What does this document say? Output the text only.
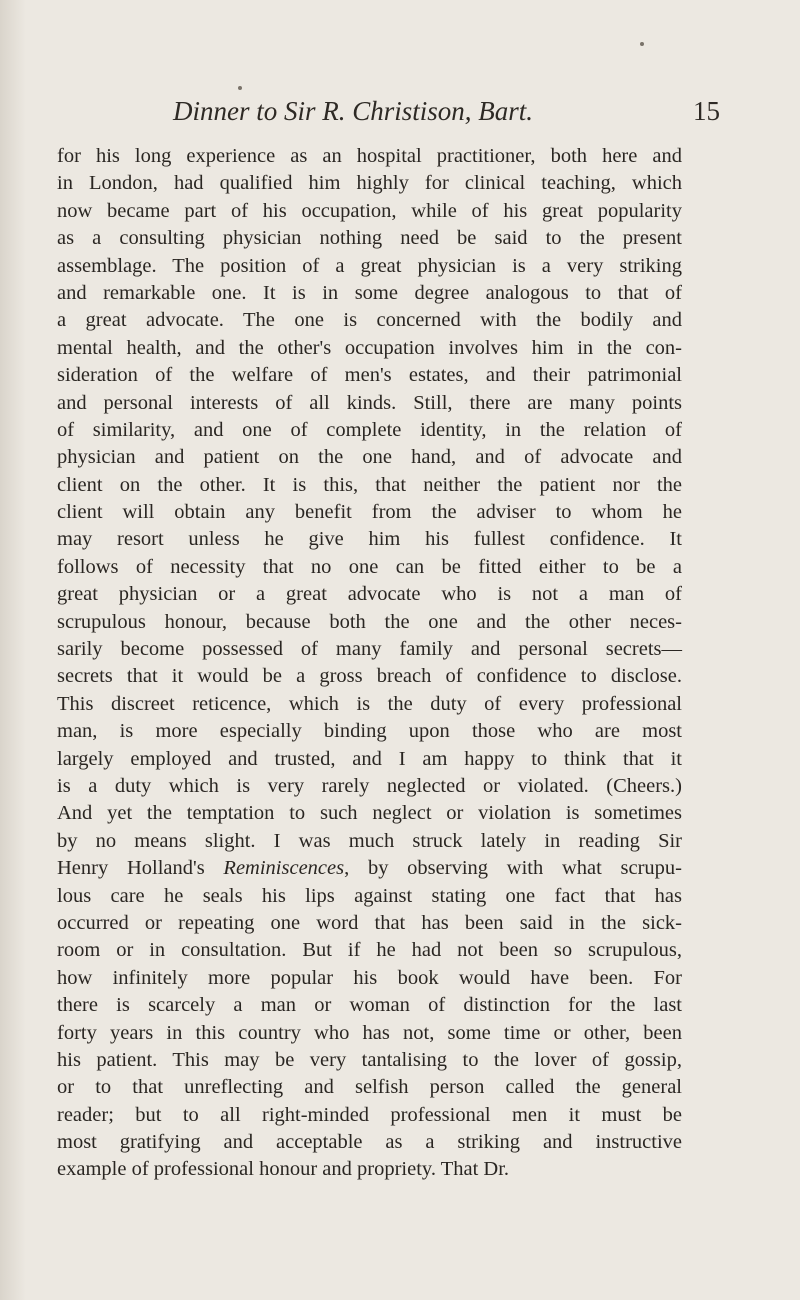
Dinner to Sir R. Christison, Bart.	15
for his long experience as an hospital practitioner, both here and
in London, had qualified him highly for clinical teaching, which
now became part of his occupation, while of his great popularity
as a consulting physician nothing need be said to the present
assemblage. The position of a great physician is a very striking
and remarkable one. It is in some degree analogous to that of
a great advocate. The one is concerned with the bodily and
mental health, and the other's occupation involves him in the con-
sideration of the welfare of men's estates, and their patrimonial
and personal interests of all kinds. Still, there are many points
of similarity, and one of complete identity, in the relation of
physician and patient on the one hand, and of advocate and
client on the other. It is this, that neither the patient nor the
client will obtain any benefit from the adviser to whom he
may resort unless he give him his fullest confidence. It
follows of necessity that no one can be fitted either to be a
great physician or a great advocate who is not a man of
scrupulous honour, because both the one and the other neces-
sarily become possessed of many family and personal secrets—
secrets that it would be a gross breach of confidence to disclose.
This discreet reticence, which is the duty of every professional
man, is more especially binding upon those who are most
largely employed and trusted, and I am happy to think that it
is a duty which is very rarely neglected or violated. (Cheers.)
And yet the temptation to such neglect or violation is sometimes
by no means slight. I was much struck lately in reading Sir
Henry Holland's Reminiscences, by observing with what scrupu-
lous care he seals his lips against stating one fact that has
occurred or repeating one word that has been said in the sick-
room or in consultation. But if he had not been so scrupulous,
how infinitely more popular his book would have been. For
there is scarcely a man or woman of distinction for the last
forty years in this country who has not, some time or other, been
his patient. This may be very tantalising to the lover of gossip,
or to that unreflecting and selfish person called the general
reader; but to all right-minded professional men it must be
most gratifying and acceptable as a striking and instructive
example of professional honour and propriety. That Dr.
